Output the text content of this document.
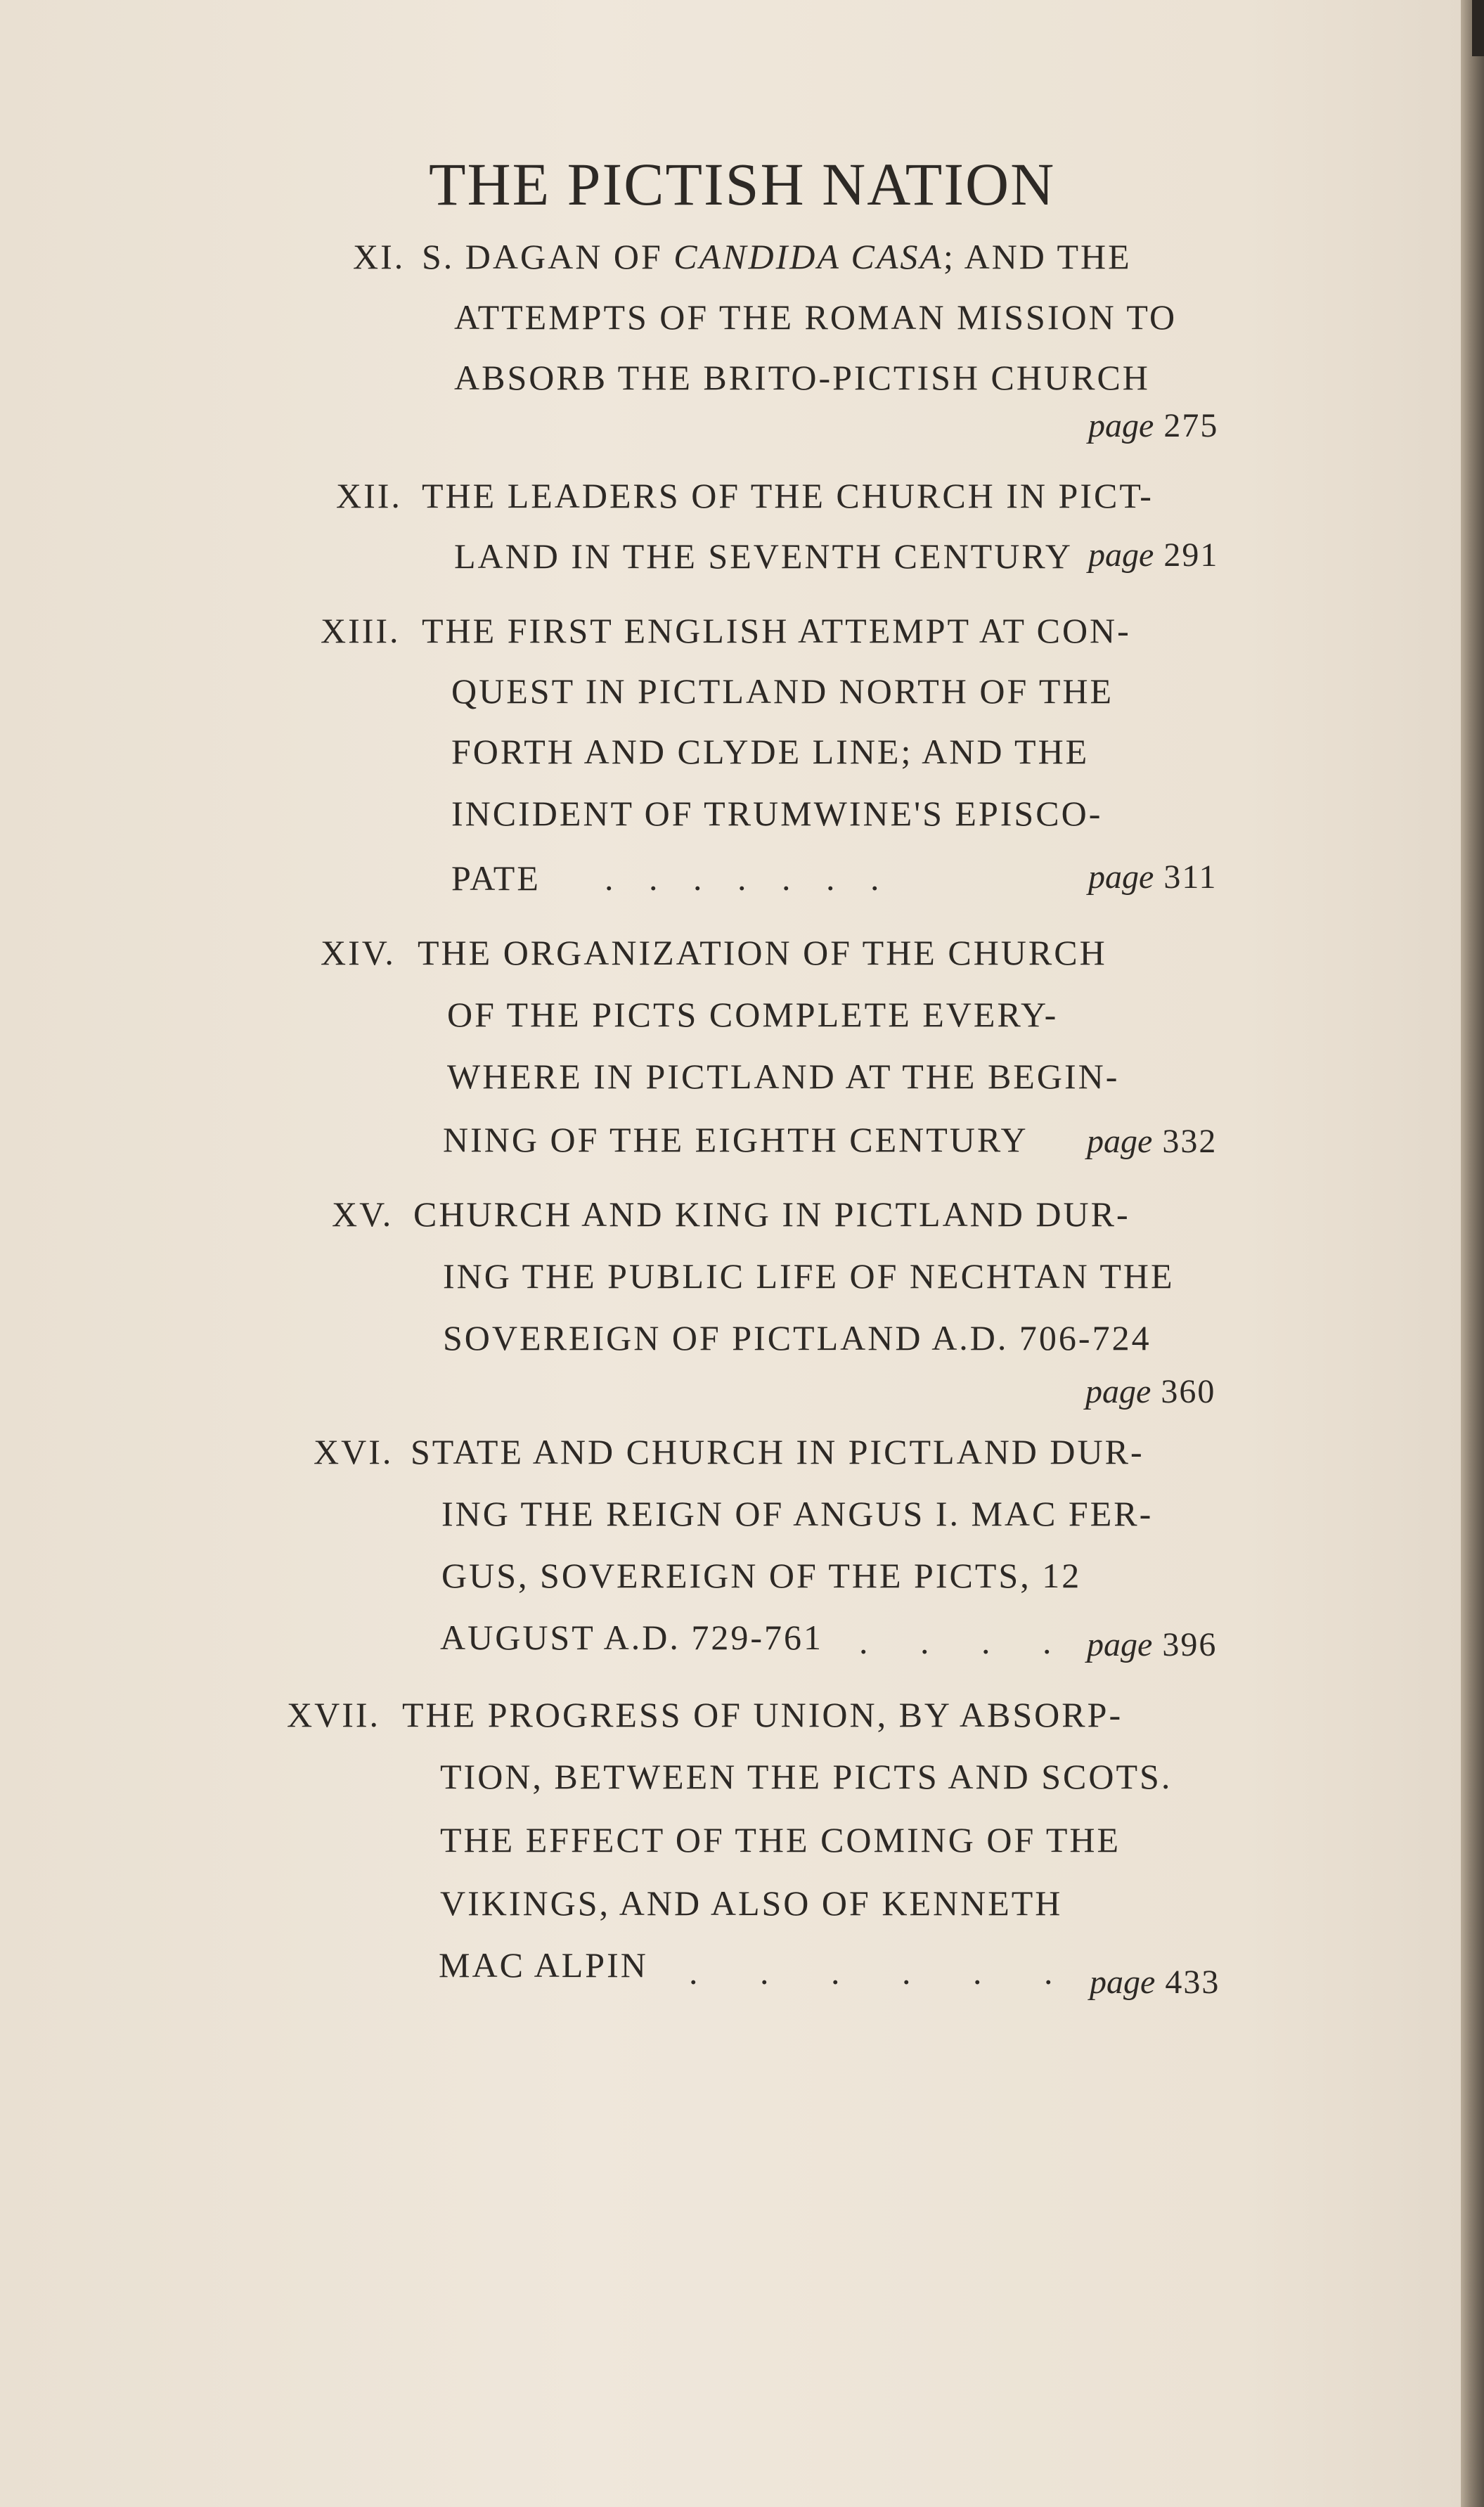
THE PICTISH NATION
XI. S. DAGAN OF CANDIDA CASA; AND THE
ATTEMPTS OF THE ROMAN MISSION TO
ABSORB THE BRITO-PICTISH CHURCH
page 275
XII. THE LEADERS OF THE CHURCH IN PICT-
LAND IN THE SEVENTH CENTURY page 291
XIII. THE FIRST ENGLISH ATTEMPT AT CON-
QUEST IN PICTLAND NORTH OF THE
FORTH AND CLYDE LINE; AND THE
INCIDENT OF TRUMWINE'S EPISCO-
PATE . . . . . . .	page 311
XIV. THE ORGANIZATION OF THE CHURCH
OF THE PICTS COMPLETE EVERY-
WHERE IN PICTLAND AT THE BEGIN-
NING OF THE EIGHTH CENTURY page 332
XV. CHURCH AND KING IN PICTLAND DUR-
ING THE PUBLIC LIFE OF NECHTAN THE
SOVEREIGN OF PICTLAND A.D. 706-724
page 360
XVI. STATE AND CHURCH IN PICTLAND DUR-
ING THE REIGN OF ANGUS I. MAC FER-
GUS, SOVEREIGN OF THE PICTS, 12
AUGUST A.D. 729-761 . . . . page 396
XVII. THE PROGRESS OF UNION, BY ABSORP-
TION, BETWEEN THE PICTS AND SCOTS.
THE EFFECT OF THE COMING OF THE
VIKINGS, AND ALSO OF KENNETH
MAC ALPIN . . . . . . page 433
